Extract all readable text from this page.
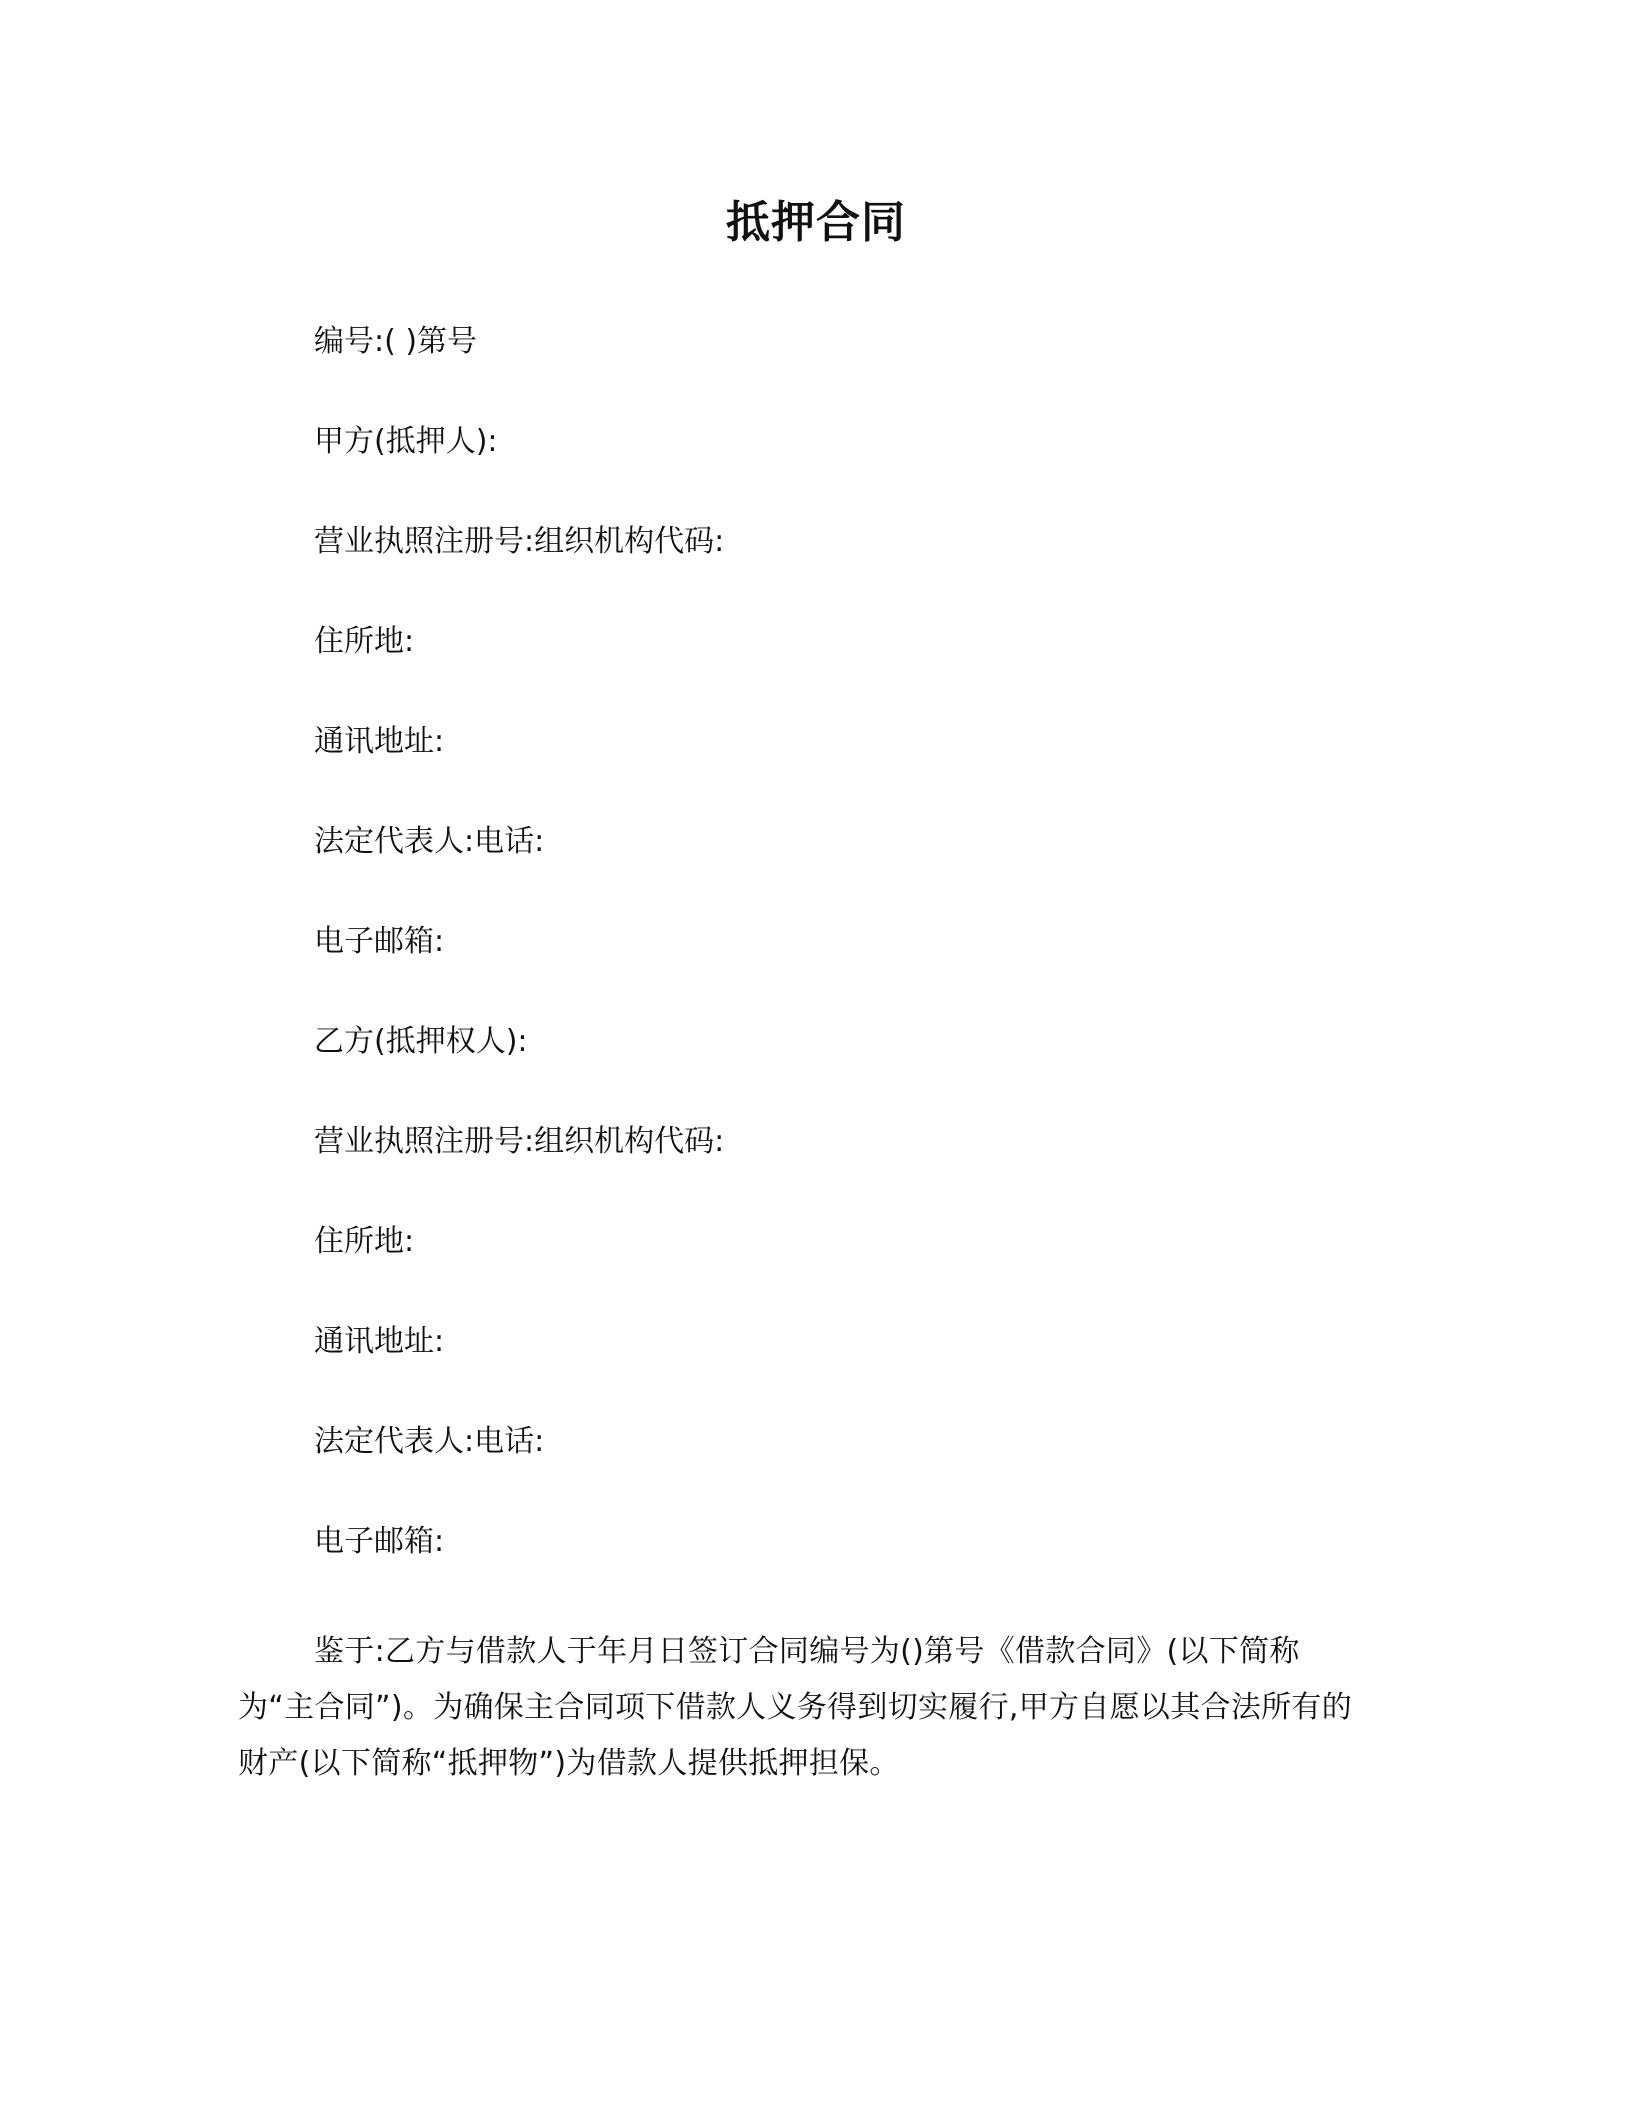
抵押合同
编号:( )第号
甲方(抵押人):
营业执照注册号:组织机构代码:
住所地:
通讯地址:
法定代表人:电话:
电子邮箱:
乙方(抵押权人):
营业执照注册号:组织机构代码:
住所地:
通讯地址:
法定代表人:电话:
电子邮箱:
鉴于:乙方与借款人于年月日签订合同编号为()第号《借款合同》(以下简称为“主合同”)。为确保主合同项下借款人义务得到切实履行,甲方自愿以其合法所有的财产(以下简称“抵押物”)为借款人提供抵押担保。
